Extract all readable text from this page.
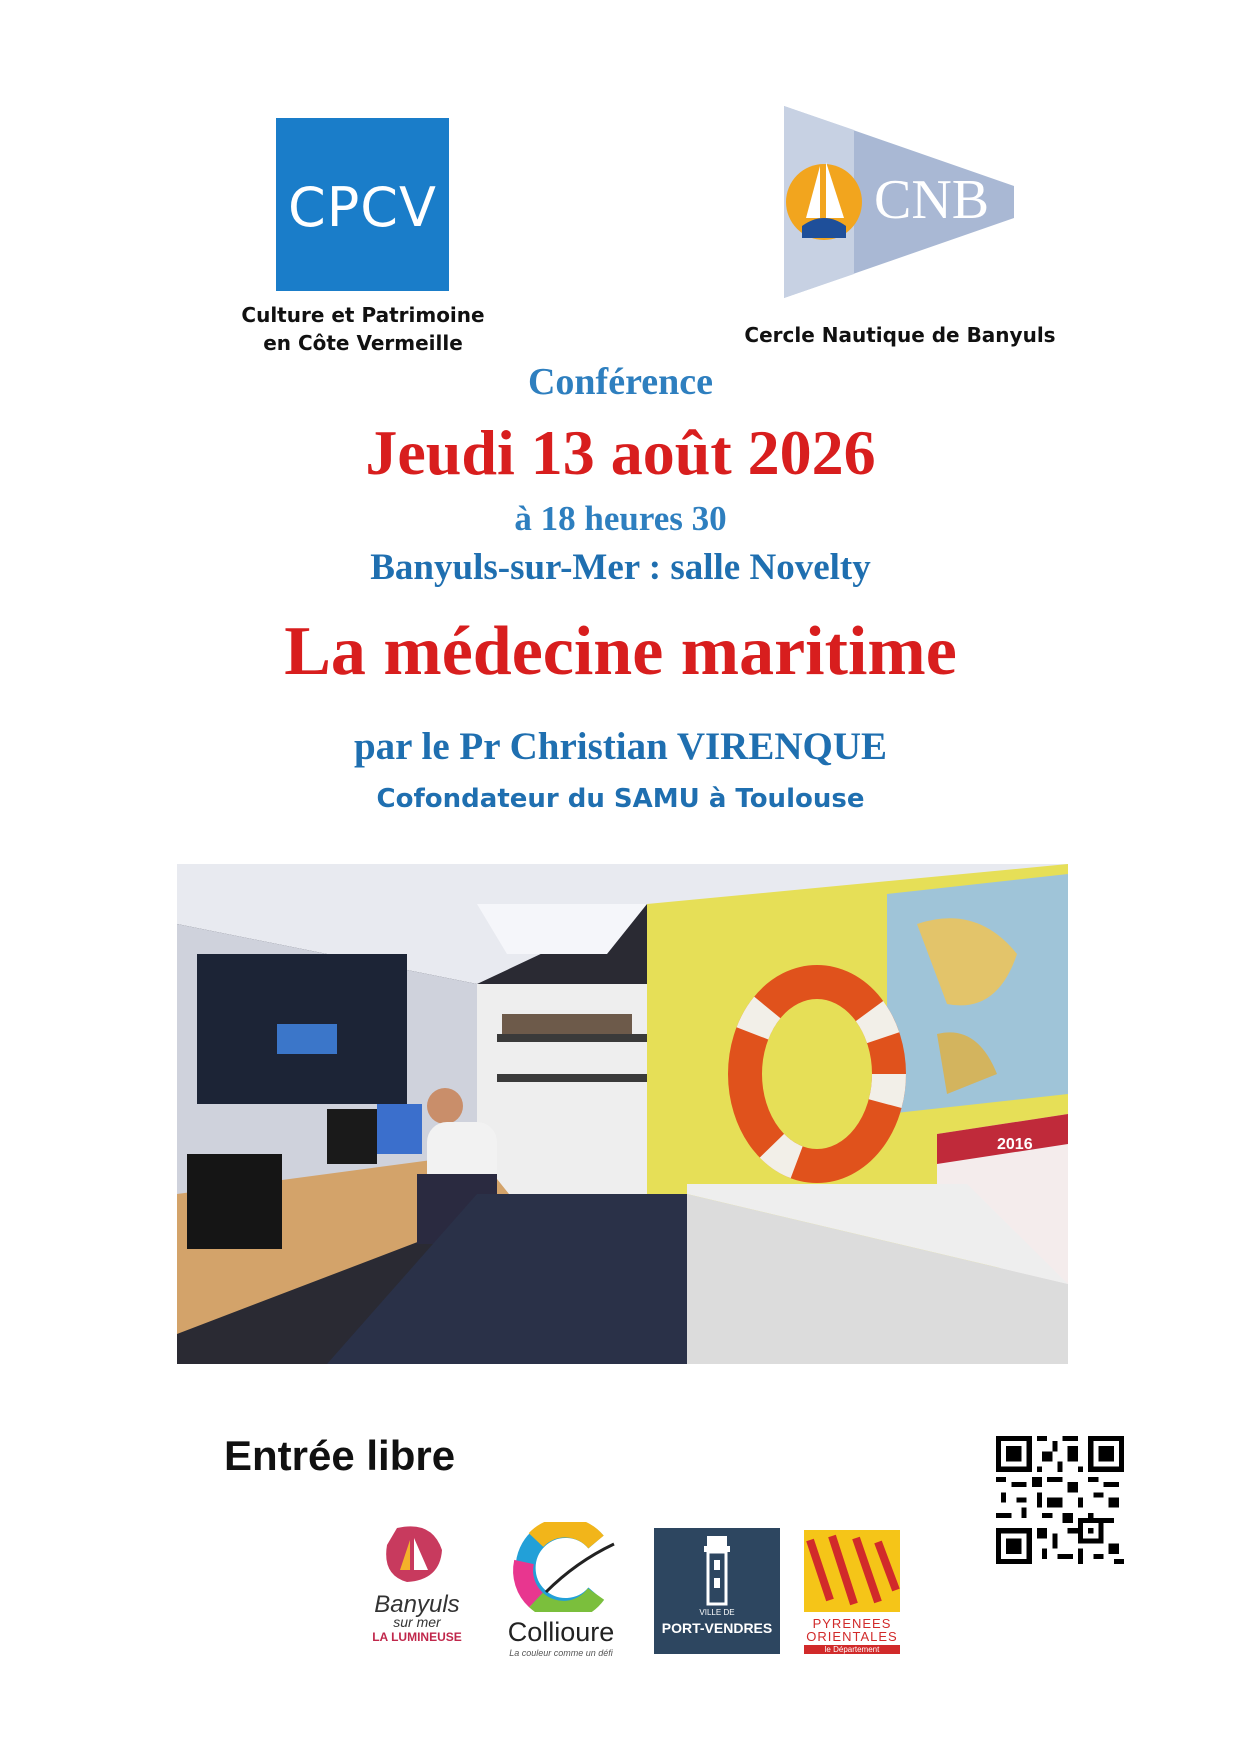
CPCV
Culture et Patrimoine
en Côte Vermeille
CNB
Cercle Nautique de Banyuls
Conférence
Jeudi 13 août 2026
à 18 heures 30
Banyuls-sur-Mer : salle Novelty
La médecine maritime
par le Pr Christian VIRENQUE
Cofondateur du SAMU à Toulouse
2016
Entrée libre
Banyuls
sur mer
LA LUMINEUSE	Collioure
La couleur comme un défi
VILLE DE
PORT-VENDRES	PYRENEES
ORIENTALES
le Département
